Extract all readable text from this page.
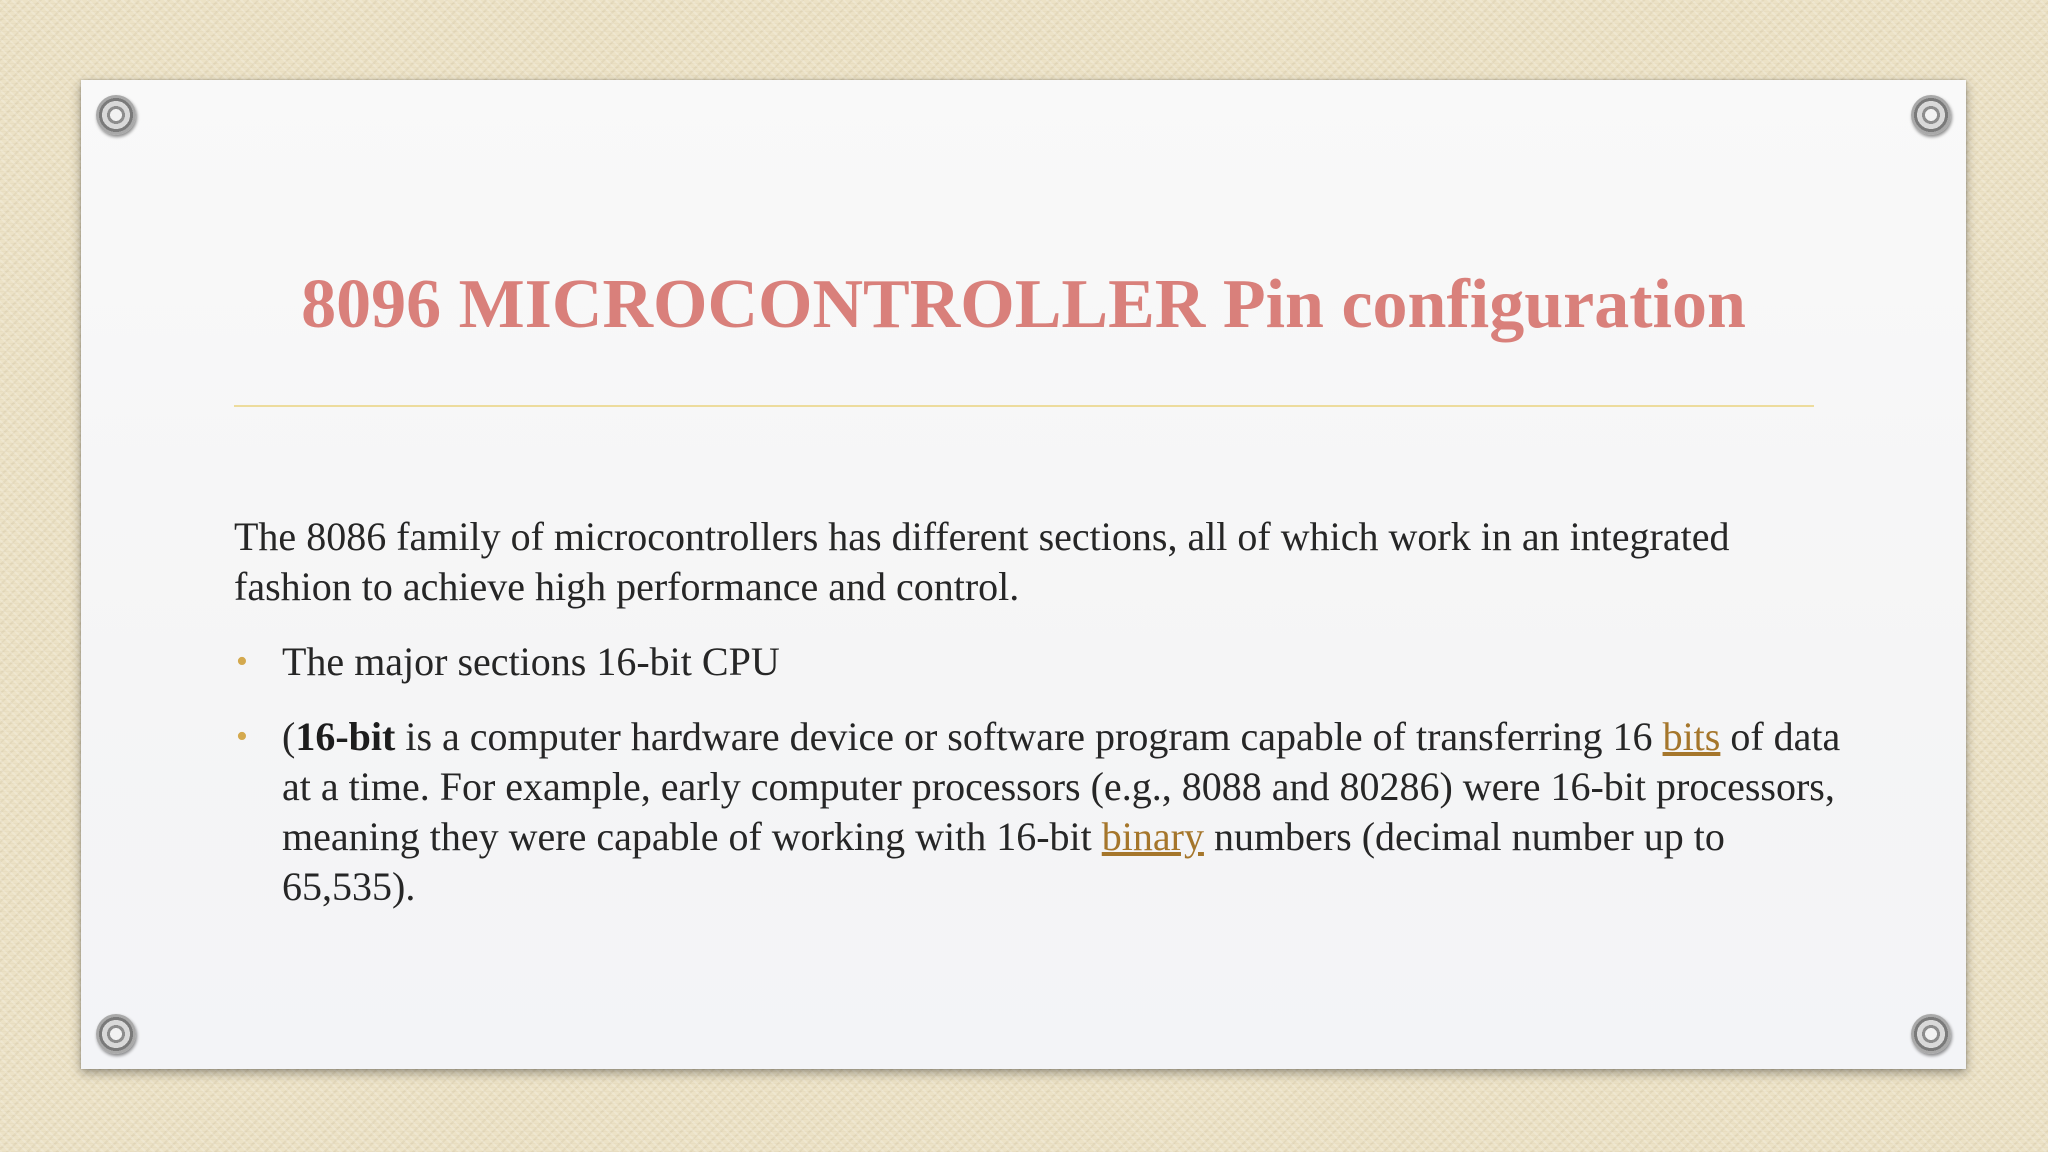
8096 MICROCONTROLLER Pin configuration

The 8086 family of microcontrollers has different sections, all of which work in an integrated fashion to achieve high performance and control.

• The major sections 16-bit CPU
• (16-bit is a computer hardware device or software program capable of transferring 16 bits of data at a time. For example, early computer processors (e.g., 8088 and 80286) were 16-bit processors, meaning they were capable of working with 16-bit binary numbers (decimal number up to 65,535).
